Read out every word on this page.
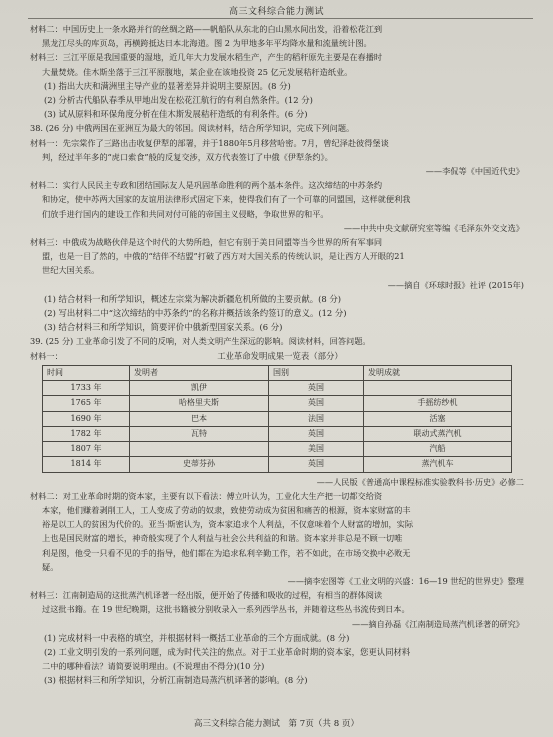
高三文科综合能力测试
材料二：中国历史上一条水路并行的丝绸之路——帆船队从东北的白山黑水间出发，沿着松花江到
黑龙江尽头的库页岛，再横跨抵达日本北海道。图 2 为甲地多年平均降水量和流量统计图。
材料三：三江平原是我国重要的湿地，近几年大力发展水稻生产，产生的稻秆原先主要是在春播时
大量焚烧。佳木斯坐落于三江平原腹地，某企业在该地投资 25 亿元发展秸秆造纸业。
(1) 指出大庆和满洲里主导产业的显著差异并说明主要原因。(8 分)
(2) 分析古代船队春季从甲地出发在松花江航行的有利自然条件。(12 分)
(3) 试从原料和环保角度分析在佳木斯发展秸秆造纸的有利条件。(6 分)
38. (26 分) 中俄两国在亚洲互为最大的邻国。阅读材料，结合所学知识，完成下列问题。
材料一：先宗棠作了三路出击收复伊犁的部署，并于1880年5月移营哈密。7月，曾纪泽赴彼得堡谈
判，经过半年多的“虎口索食”般的反复交涉，双方代表签订了中俄《伊犁条约》。
——李侃等《中国近代史》
材料二：实行人民民主专政和团结国际友人是巩固革命胜利的两个基本条件。这次缔结的中苏条约
和协定，使中苏两大国家的友谊用法律形式固定下来，使得我们有了一个可靠的同盟国，这样就便利我
们放手进行国内的建设工作和共同对付可能的帝国主义侵略，争取世界的和平。
——中共中央文献研究室等编《毛泽东外交文选》
材料三：中俄成为战略伙伴是这个时代的大势所趋，但它有别于美日同盟等当今世界的所有军事同
盟，也是一目了然的，中俄的“结伴不结盟”打破了西方对大国关系的传统认识，是让西方人开眼的21
世纪大国关系。
——摘自《环球时报》社评 (2015年)
(1) 结合材料一和所学知识，概述左宗棠为解决新疆危机所做的主要贡献。(8 分)
(2) 写出材料二中“这次缔结的中苏条约”的名称并概括该条约签订的意义。(12 分)
(3) 结合材料三和所学知识，简要评价中俄新型国家关系。(6 分)
39. (25 分) 工业革命引发了不同的反响，对人类文明产生深远的影响。阅读材料，回答问题。
材料一：	工业革命发明成果一览表（部分）
时间	发明者	国别	发明成就
1733 年	凯伊	英国	
1765 年	哈格里夫斯	英国	手摇纺纱机
1690 年	巴本	法国	活塞
1782 年	瓦特	英国	联动式蒸汽机
1807 年		美国	汽船
1814 年	史蒂芬孙	英国	蒸汽机车
——人民版《普通高中课程标准实验教科书·历史》必修二
材料二：对工业革命时期的资本家，主要有以下看法：傅立叶认为，工业化大生产把一切都交给资
本家，他们赚着剥削工人，工人变成了劳动的奴隶，致使劳动成为贫困和痛苦的根源，资本家财富的丰
裕是以工人的贫困为代价的。亚当·斯密认为，资本家追求个人利益，不仅意味着个人财富的增加，实际
上也是国民财富的增长，神奇般实现了个人利益与社会公共利益的和谐。资本家并非总是不顾一切唯
利是图，他受一只看不见的手的指导，他们都在为追求私利辛勤工作，若不如此，在市场交换中必败无
疑。
——摘李宏图等《工业文明的兴盛：16—19 世纪的世界史》整理
材料三：江南制造局的这批蒸汽机译著一经出版，便开始了传播和吸收的过程，有相当的群体阅读
过这批书籍。在 19 世纪晚期，这批书籍被分别收录入一系列西学丛书，并随着这些丛书流传到日本。
——摘自孙磊《江南制造局蒸汽机译著的研究》
(1) 完成材料一中表格的填空，并根据材料一概括工业革命的三个方面成就。(8 分)
(2) 工业文明引发的一系列问题，成为时代关注的焦点。对于工业革命时期的资本家，您更认同材料
二中的哪种看法？请简要说明理由。(不说理由不得分)(10 分)
(3) 根据材料三和所学知识，分析江南制造局蒸汽机译著的影响。(8 分)
高三文科综合能力测试　第 7页（共 8 页）
